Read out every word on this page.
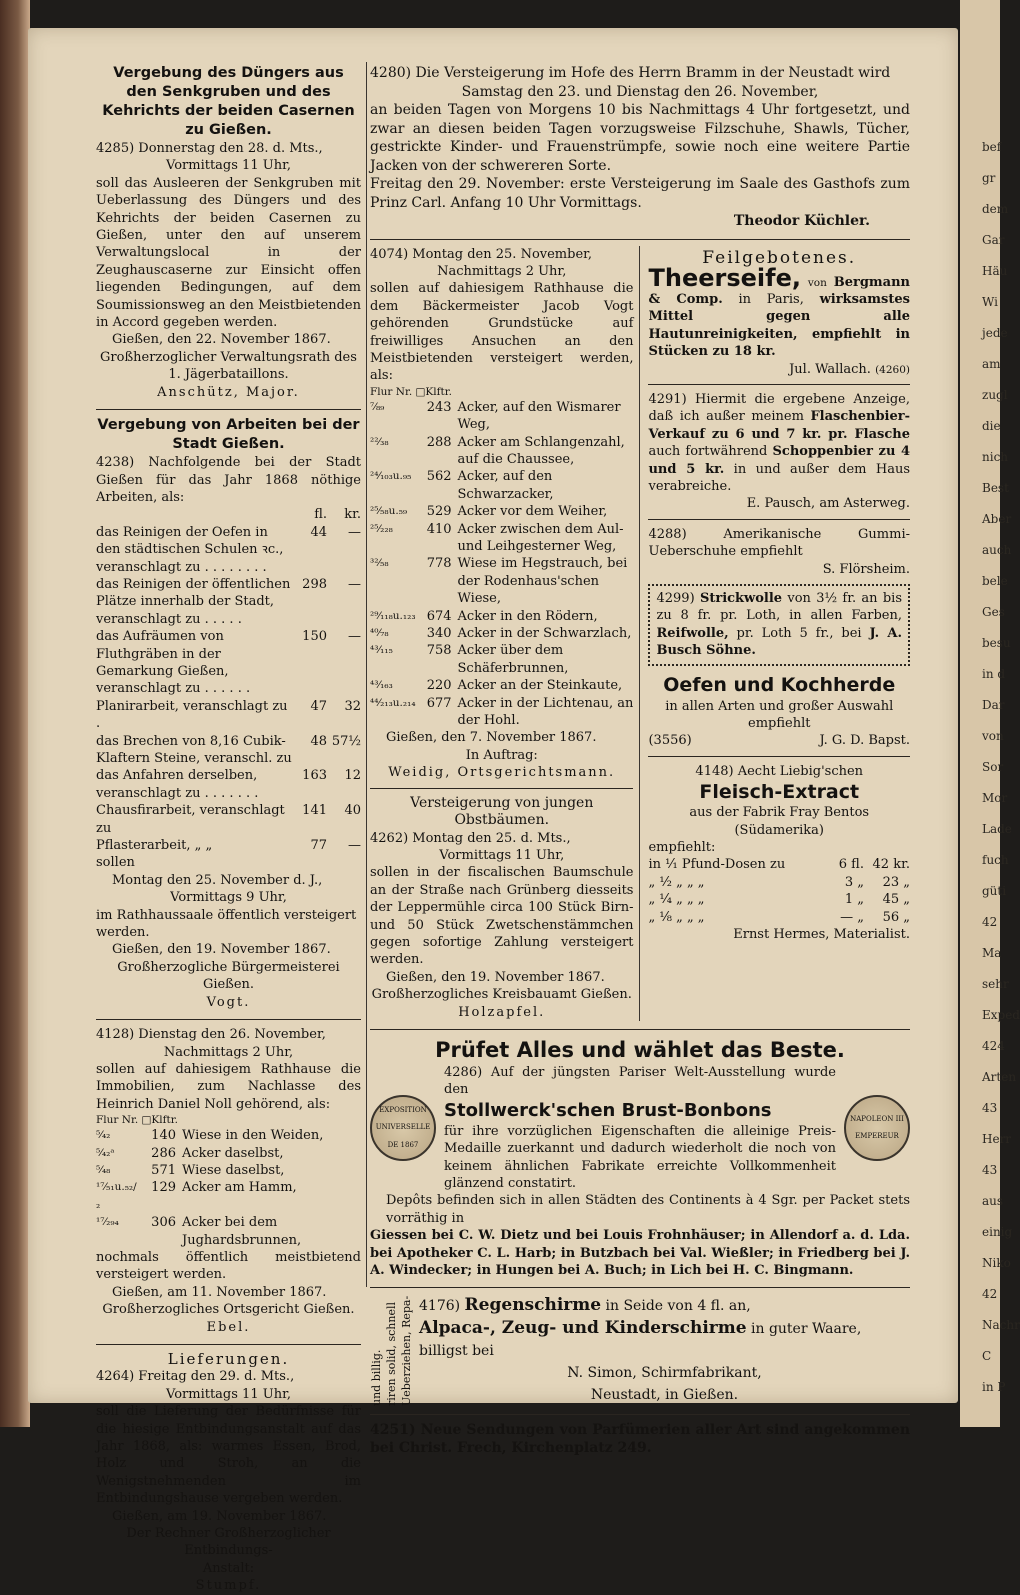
bef
gr
dem
Gar
Häu
Wi
jede
am
zugl
die
nich
Best
Aber
auch
bele
Ges
besu
in d
Dar
von
Sor
Mor
Lade
fuch
güti
42
Ma
sehr
Exped
424
Arten
43
Herr
43
aus
einig
Niko
42
Nachr
C
in P
Vergebung des Düngers aus den Senkgruben und des Kehrichts der beiden Casernen zu Gießen.
4285) Donnerstag den 28. d. Mts.,
Vormittags 11 Uhr,
soll das Ausleeren der Senkgruben mit Ueberlassung des Düngers und des Kehrichts der beiden Casernen zu Gießen, unter den auf unserem Verwaltungslocal in der Zeughauscaserne zur Einsicht offen liegenden Bedingungen, auf dem Soumissionsweg an den Meistbietenden in Accord gegeben werden.
Gießen, den 22. November 1867.
Großherzoglicher Verwaltungsrath des
1. Jägerbataillons.
Anschütz, Major.
Vergebung von Arbeiten bei der Stadt Gießen.
4238) Nachfolgende bei der Stadt Gießen für das Jahr 1868 nöthige Arbeiten, als:
	fl.	kr.
das Reinigen der Oefen in den städtischen Schulen ꝛc., veranschlagt zu . . . . . . . .	44	—
das Reinigen der öffentlichen Plätze innerhalb der Stadt, veranschlagt zu . . . . .	298	—
das Aufräumen von Fluthgräben in der Gemarkung Gießen, veranschlagt zu . . . . . .	150	—
Planirarbeit, veranschlagt zu .	47	32
das Brechen von 8,16 Cubik-Klaftern Steine, veranschl. zu	48	57½
das Anfahren derselben, veranschlagt zu . . . . . . .	163	12
Chausfirarbeit, veranschlagt zu	141	40
Pflasterarbeit, „ „	77	—
sollen
Montag den 25. November d. J.,
Vormittags 9 Uhr,
im Rathhaussaale öffentlich versteigert werden.
Gießen, den 19. November 1867.
Großherzogliche Bürgermeisterei Gießen.
Vogt.
4128) Dienstag den 26. November,
Nachmittags 2 Uhr,
sollen auf dahiesigem Rathhause die Immobilien, zum Nachlasse des Heinrich Daniel Noll gehörend, als:
Flur Nr. □Klftr.
⁵⁄₄₂	140	Wiese in den Weiden,
⁵⁄₄₂ᵃ	286	Acker daselbst,
⁵⁄₄₈	571	Wiese daselbst,
¹⁷⁄₅₁u.₅₂/₂	129	Acker am Hamm,
¹⁷⁄₂₉₄	306	Acker bei dem Jughardsbrunnen,
nochmals öffentlich meistbietend versteigert werden.
Gießen, am 11. November 1867.
Großherzogliches Ortsgericht Gießen.
Ebel.
Lieferungen.
4264) Freitag den 29. d. Mts.,
Vormittags 11 Uhr,
soll die Lieferung der Bedürfnisse für die hiesige Entbindungsanstalt auf das Jahr 1868, als: warmes Essen, Brod, Holz und Stroh, an die Wenigstnehmenden im Entbindungshause vergeben werden.
Gießen, am 19. November 1867.
Der Rechner Großherzoglicher Entbindungs-
Anstalt:
Stumpf.
4280) Die Versteigerung im Hofe des Herrn Bramm in der Neustadt wird
Samstag den 23. und Dienstag den 26. November,
an beiden Tagen von Morgens 10 bis Nachmittags 4 Uhr fortgesetzt, und zwar an diesen beiden Tagen vorzugsweise Filzschuhe, Shawls, Tücher, gestrickte Kinder- und Frauenstrümpfe, sowie noch eine weitere Partie Jacken von der schwereren Sorte.
Freitag den 29. November: erste Versteigerung im Saale des Gasthofs zum Prinz Carl. Anfang 10 Uhr Vormittags.
Theodor Küchler.
4074) Montag den 25. November,
Nachmittags 2 Uhr,
sollen auf dahiesigem Rathhause die dem Bäckermeister Jacob Vogt gehörenden Grundstücke auf freiwilliges Ansuchen an den Meistbietenden versteigert werden, als:
Flur Nr. □Klftr.
⁷⁄₈₉	243	Acker, auf den Wismarer Weg,
²²⁄₃₈	288	Acker am Schlangenzahl, auf die Chaussee,
²⁴⁄₁₀₃u.₉₅	562	Acker, auf den Schwarzacker,
²⁵⁄₅₈u.₅₉	529	Acker vor dem Weiher,
²⁵⁄₂₂₈	410	Acker zwischen dem Aul- und Leihgesterner Weg,
³²⁄₅₈	778	Wiese im Hegstrauch, bei der Rodenhaus'schen Wiese,
²⁹⁄₁₁₈u.₁₂₃	674	Acker in den Rödern,
⁴⁰⁄₇₈	340	Acker in der Schwarzlach,
⁴³⁄₁₁₅	758	Acker über dem Schäferbrunnen,
⁴³⁄₁₆₃	220	Acker an der Steinkaute,
⁴⁴⁄₂₁₃u.₂₁₄	677	Acker in der Lichtenau, an der Hohl.
Gießen, den 7. November 1867.
In Auftrag:
Weidig, Ortsgerichtsmann.
Versteigerung von jungen Obstbäumen.
4262) Montag den 25. d. Mts.,
Vormittags 11 Uhr,
sollen in der fiscalischen Baumschule an der Straße nach Grünberg diesseits der Leppermühle circa 100 Stück Birn- und 50 Stück Zwetschenstämmchen gegen sofortige Zahlung versteigert werden.
Gießen, den 19. November 1867.
Großherzogliches Kreisbauamt Gießen.
Holzapfel.
Feilgebotenes.
Theerseife, von Bergmann & Comp. in Paris, wirksamstes Mittel gegen alle Hautunreinigkeiten, empfiehlt in Stücken zu 18 kr.
Jul. Wallach. (4260)
4291) Hiermit die ergebene Anzeige, daß ich außer meinem Flaschenbier-Verkauf zu 6 und 7 kr. pr. Flasche auch fortwährend Schoppenbier zu 4 und 5 kr. in und außer dem Haus verabreiche.
E. Pausch, am Asterweg.
4288)	Amerikanische Gummi-Ueberschuhe empfiehlt
S. Flörsheim.
4299) Strickwolle von 3½ fr. an bis zu 8 fr. pr. Loth, in allen Farben, Reifwolle, pr. Loth 5 fr., bei J. A. Busch Söhne.
Oefen und Kochherde
in allen Arten und großer Auswahl empfiehlt
(3556)	J. G. D. Bapst.
4148) Aecht Liebig'schen
Fleisch-Extract
aus der Fabrik Fray Bentos (Südamerika)
empfiehlt:
in ¹⁄₁ Pfund-Dosen zu	6 fl.	42 kr.
„ ¹⁄₂ „ „ „	3 „	23 „
„ ¹⁄₄ „ „ „	1 „	45 „
„ ¹⁄₈ „ „ „	— „	56 „
Ernst Hermes, Materialist.
Prüfet Alles und wählet das Beste.
EXPOSITION UNIVERSELLE DE 1867
4286) Auf der jüngsten Pariser Welt-Ausstellung wurde den
Stollwerck'schen Brust-Bonbons
für ihre vorzüglichen Eigenschaften die alleinige Preis-Medaille zuerkannt und dadurch wiederholt die noch von keinem ähnlichen Fabrikate erreichte Vollkommenheit glänzend constatirt.
NAPOLEON III EMPEREUR
Depôts befinden sich in allen Städten des Continents à 4 Sgr. per Packet stets vorräthig in
Giessen bei C. W. Dietz und bei Louis Frohnhäuser; in Allendorf a. d. Lda. bei Apotheker C. L. Harb; in Butzbach bei Val. Wießler; in Friedberg bei J. A. Windecker; in Hungen bei A. Buch; in Lich bei H. C. Bingmann.
und billig. riren solid, schnell Ueberziehen, Repa- 4176) Regenschirme in Seide von 4 fl. an,
Alpaca-, Zeug- und Kinderschirme in guter Waare, billigst bei
N. Simon, Schirmfabrikant,
Neustadt, in Gießen.
4251) Neue Sendungen von Parfümerien aller Art sind angekommen bei Christ. Frech, Kirchenplatz 249.
